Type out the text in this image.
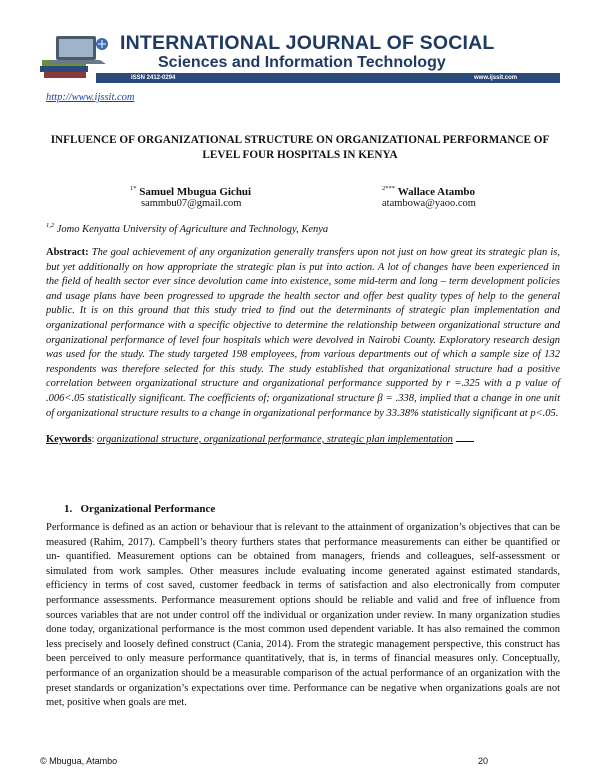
INTERNATIONAL JOURNAL OF SOCIAL
Sciences and Information Technology
ISSN 2412-0294	www.ijssit.com
http://www.ijssit.com
INFLUENCE OF ORGANIZATIONAL STRUCTURE ON ORGANIZATIONAL PERFORMANCE OF LEVEL FOUR HOSPITALS IN KENYA
$^{1*}$ Samuel Mbugua Gichui
sammbu07@gmail.com
$^{2***}$ Wallace Atambo
atambowa@yaoo.com
$^{1,2}$ Jomo Kenyatta University of Agriculture and Technology, Kenya
Abstract: The goal achievement of any organization generally transfers upon not just on how great its strategic plan is, but yet additionally on how appropriate the strategic plan is put into action. A lot of changes have been experienced in the field of health sector ever since devolution came into existence, some mid-term and long – term development policies and usage plans have been progressed to upgrade the health sector and offer best quality types of help to the general public. It is on this ground that this study tried to find out the determinants of strategic plan implementation and organizational performance with a specific objective to determine the relationship between organizational structure and organizational performance of level four hospitals which were devolved in Nairobi County. Exploratory research design was used for the study. The study targeted 198 employees, from various departments out of which a sample size of 132 respondents was therefore selected for this study. The study established that organizational structure had a positive correlation between organizational structure and organizational performance supported by r =.325 with a p value of .006<.05 statistically significant. The coefficients of; organizational structure β = .338, implied that a change in one unit of organizational structure results to a change in organizational performance by 33.38% statistically significant at p<.05.
Keywords: organizational structure, organizational performance, strategic plan implementation
1. Organizational Performance
Performance is defined as an action or behaviour that is relevant to the attainment of organization’s objectives that can be measured (Rahim, 2017). Campbell’s theory furthers states that performance measurements can either be quantified or un- quantified. Measurement options can be obtained from managers, friends and colleagues, self-assessment or simulated from work samples. Other measures include evaluating income generated against estimated standards, efficiency in terms of cost saved, customer feedback in terms of satisfaction and also electronically from computer performance assessments. Performance measurement options should be reliable and valid and free of influence from sources variables that are not under control off the individual or organization under review. In many organization studies done today, organizational performance is the most common used dependent variable. It has also remained the common less precisely and loosely defined construct (Cania, 2014). From the strategic management perspective, this construct has been perceived to only measure performance quantitatively, that is, in terms of financial measures only. Conceptually, performance of an organization should be a measurable comparison of the actual performance of an organization with the preset standards or organization’s expectations over time. Performance can be negative when organizations goals are not met, positive when goals are met.
© Mbugua, Atambo	20
